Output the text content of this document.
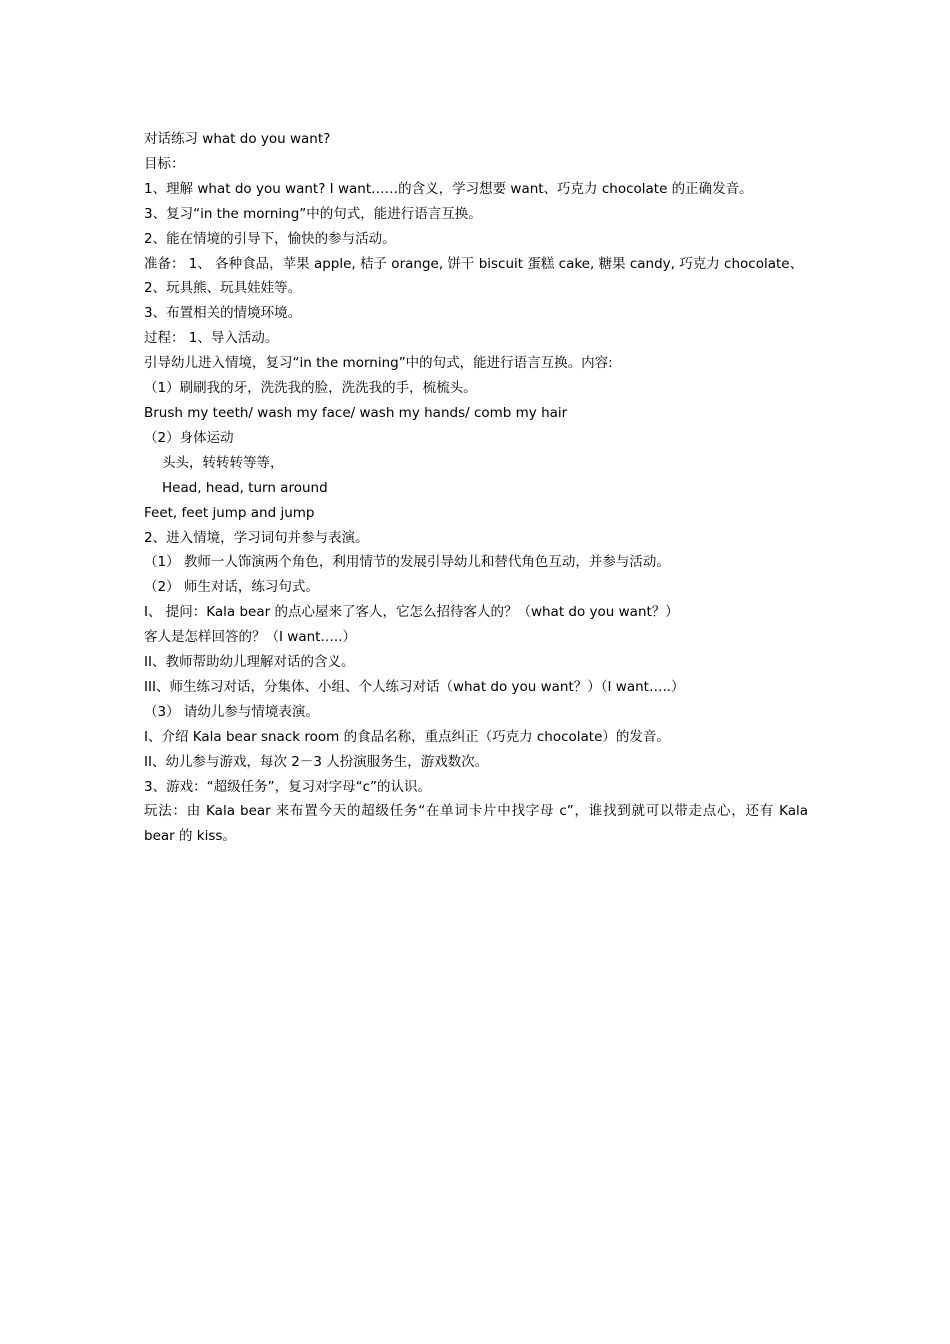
对话练习 what do you want?

目标：

1、理解 what do you want? I want……的含义，学习想要 want、巧克力 chocolate 的正确发音。

3、复习“in the morning”中的句式，能进行语言互换。

2、能在情境的引导下，愉快的参与活动。

准备： 1、 各种食品，苹果 apple, 桔子 orange, 饼干 biscuit 蛋糕 cake, 糖果 candy, 巧克力 chocolate、

2、玩具熊、玩具娃娃等。

3、布置相关的情境环境。

过程： 1、导入活动。

引导幼儿进入情境，复习“in the morning”中的句式，能进行语言互换。内容:

（1）刷刷我的牙，洗洗我的脸，洗洗我的手，梳梳头。

Brush my teeth/ wash my face/ wash my hands/ comb my hair

（2）身体运动

头头，转转转等等，

Head, head, turn around

Feet, feet jump and jump

2、进入情境，学习词句并参与表演。

（1） 教师一人饰演两个角色，利用情节的发展引导幼儿和替代角色互动，并参与活动。

（2） 师生对话，练习句式。

I、 提问：Kala bear 的点心屋来了客人，它怎么招待客人的？（what do you want？）

客人是怎样回答的？（I want…..）

II、教师帮助幼儿理解对话的含义。

III、师生练习对话，分集体、小组、个人练习对话（what do you want？）（I want…..）

（3） 请幼儿参与情境表演。

I、介绍 Kala bear snack room 的食品名称，重点纠正（巧克力 chocolate）的发音。

II、幼儿参与游戏，每次 2－3 人扮演服务生，游戏数次。

3、游戏：“超级任务”，复习对字母“c”的认识。

玩法：由 Kala bear 来布置今天的超级任务“在单词卡片中找字母 c”，谁找到就可以带走点心，还有 Kala bear 的 kiss。
